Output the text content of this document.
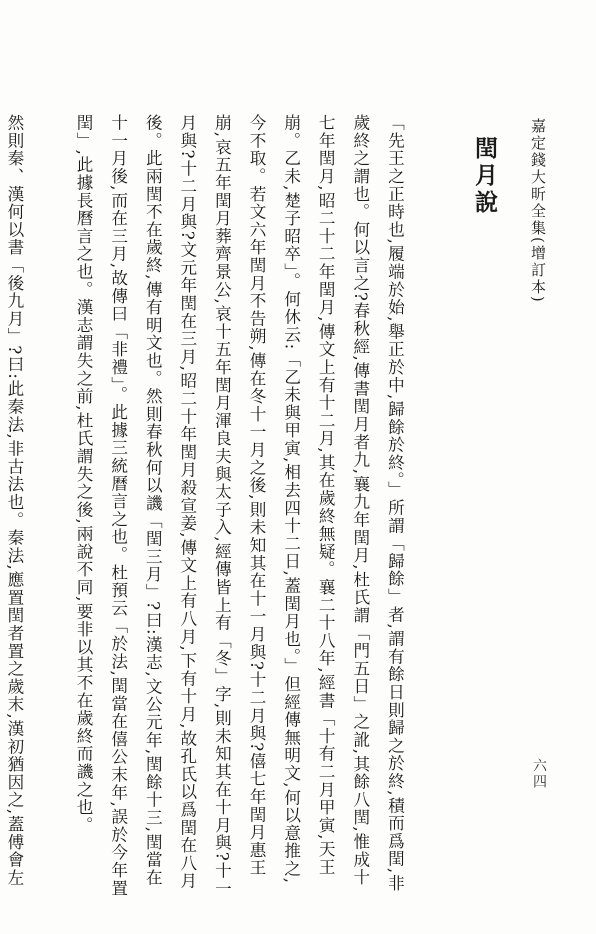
嘉定錢大昕全集(增訂本)
六四
閏月說

「先王之正時也,履端於始,舉正於中,歸餘於終。」所謂「歸餘」者,謂有餘日則歸之於終,積而爲閏,非歲終之謂也。何以言之?春秋經,傳書閏月者九,襄九年閏月,杜氏謂「門五日」之訛,其餘八閏,惟成十七年閏月,昭二十二年閏月,傳文上有十二月,其在歲終無疑。襄二十八年,經書「十有二月甲寅,天王崩。乙未,楚子昭卒」。何休云:「乙未與甲寅,相去四十二日,蓋閏月也。」但經傳無明文,何以意推之,今不取。若文六年閏月不告朔,傳在冬十一月之後,則未知其在十一月與?十二月與?僖七年閏月惠王崩,哀五年閏月葬齊景公,哀十五年閏月渾良夫與太子入,經傳皆上有「冬」字,則未知其在十月與?十一月與?十二月與?文元年閏在三月,昭二十年閏月殺宣姜,傳文上有八月,下有十月,故孔氏以爲閏在八月後。此兩閏不在歲終,傳有明文也。然則春秋何以譏「閏三月」?曰:漢志,文公元年,閏餘十三,閏當在十一月後,而在三月,故傳曰「非禮」。此據三統曆言之也。杜預云「於法,閏當在僖公末年,誤於今年置閏」,此據長曆言之也。漢志謂失之前,杜氏謂失之後,兩說不同,要非以其不在歲終而譏之也。

然則秦、漢何以書「後九月」?曰:此秦法,非古法也。秦法,應置閏者置之歲末,漢初猶因之,蓋傅會左
